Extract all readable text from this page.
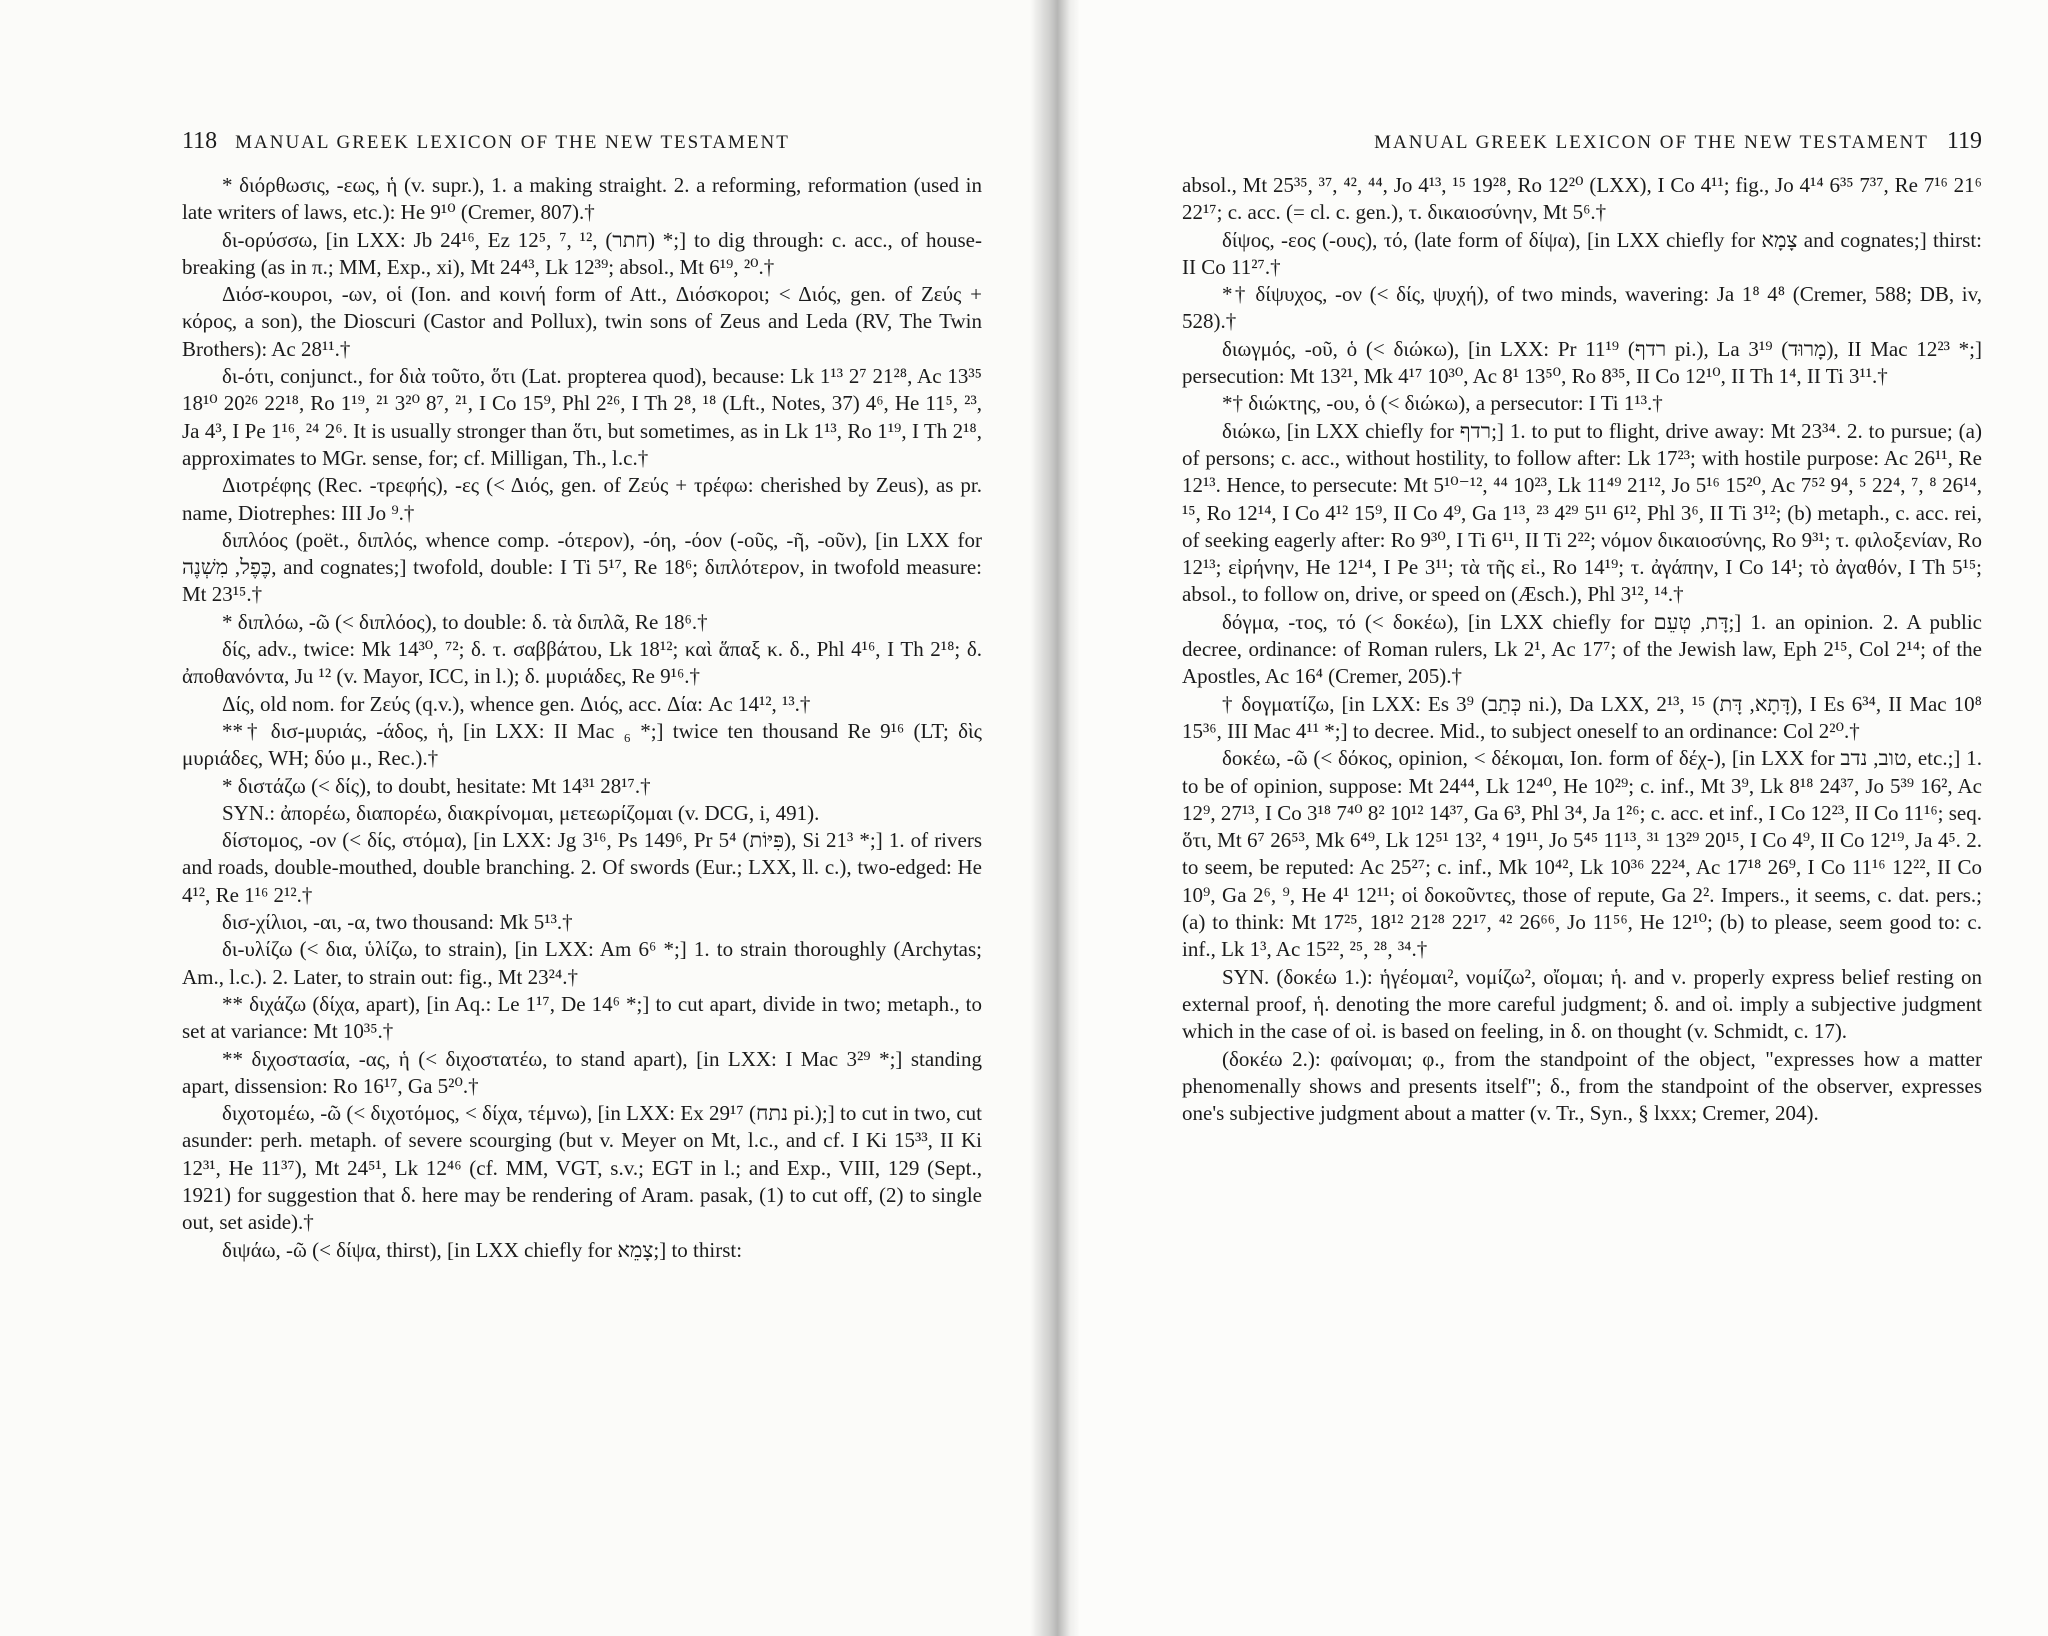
118 MANUAL GREEK LEXICON OF THE NEW TESTAMENT

* διόρθωσις, -εως, ἡ (v. supr.), 1. a making straight. 2. a reforming, reformation (used in late writers of laws, etc.): He 9¹⁰ (Cremer, 807).†

δι-ορύσσω, [in LXX: Jb 24¹⁶, Ez 12⁵, ⁷, ¹², (חתר) *;] to dig through: c. acc., of house-breaking (as in π.; MM, Exp., xi), Mt 24⁴³, Lk 12³⁹; absol., Mt 6¹⁹, ²⁰.†

Διόσ-κουροι, -ων, οἱ (Ion. and κοινή form of Att., Διόσκοροι; < Διός, gen. of Ζεύς + κόρος, a son), the Dioscuri (Castor and Pollux), twin sons of Zeus and Leda (RV, The Twin Brothers): Ac 28¹¹.†

δι-ότι, conjunct., for διὰ τοῦτο, ὅτι (Lat. propterea quod), because: Lk 1¹³ 2⁷ 21²⁸, Ac 13³⁵ 18¹⁰ 20²⁶ 22¹⁸, Ro 1¹⁹, ²¹ 3²⁰ 8⁷, ²¹, I Co 15⁹, Phl 2²⁶, I Th 2⁸, ¹⁸ (Lft., Notes, 37) 4⁶, He 11⁵, ²³, Ja 4³, I Pe 1¹⁶, ²⁴ 2⁶. It is usually stronger than ὅτι, but sometimes, as in Lk 1¹³, Ro 1¹⁹, I Th 2¹⁸, approximates to MGr. sense, for; cf. Milligan, Th., l.c.†

Διοτρέφης (Rec. -τρεφής), -ες (< Διός, gen. of Ζεύς + τρέφω: cherished by Zeus), as pr. name, Diotrephes: III Jo ⁹.†

διπλόος (poët., διπλός, whence comp. -ότερον), -όη, -όον (-οῦς, -ῆ, -οῦν), [in LXX for כֶּפֶל, מִשְׁנֶה, and cognates;] twofold, double: I Ti 5¹⁷, Re 18⁶; διπλότερον, in twofold measure: Mt 23¹⁵.†

* διπλόω, -ῶ (< διπλόος), to double: δ. τὰ διπλᾶ, Re 18⁶.†

δίς, adv., twice: Mk 14³⁰, ⁷²; δ. τ. σαββάτου, Lk 18¹²; καὶ ἅπαξ κ. δ., Phl 4¹⁶, I Th 2¹⁸; δ. ἀποθανόντα, Ju ¹² (v. Mayor, ICC, in l.); δ. μυριάδες, Re 9¹⁶.†

Δίς, old nom. for Ζεύς (q.v.), whence gen. Διός, acc. Δία: Ac 14¹², ¹³.†

**† δισ-μυριάς, -άδος, ἡ, [in LXX: II Mac ₆ *;] twice ten thousand Re 9¹⁶ (LT; δὶς μυριάδες, WH; δύο μ., Rec.).†

* διστάζω (< δίς), to doubt, hesitate: Mt 14³¹ 28¹⁷.†

SYN.: ἀπορέω, διαπορέω, διακρίνομαι, μετεωρίζομαι (v. DCG, i, 491).

δίστομος, -ον (< δίς, στόμα), [in LXX: Jg 3¹⁶, Ps 149⁶, Pr 5⁴ (פִּיּוֹת), Si 21³ *;] 1. of rivers and roads, double-mouthed, double branching. 2. Of swords (Eur.; LXX, ll. c.), two-edged: He 4¹², Re 1¹⁶ 2¹².†

δισ-χίλιοι, -αι, -α, two thousand: Mk 5¹³.†

δι-υλίζω (< δια, ὑλίζω, to strain), [in LXX: Am 6⁶ *;] 1. to strain thoroughly (Archytas; Am., l.c.). 2. Later, to strain out: fig., Mt 23²⁴.†

** διχάζω (δίχα, apart), [in Aq.: Le 1¹⁷, De 14⁶ *;] to cut apart, divide in two; metaph., to set at variance: Mt 10³⁵.†

** διχοστασία, -ας, ἡ (< διχοστατέω, to stand apart), [in LXX: I Mac 3²⁹ *;] standing apart, dissension: Ro 16¹⁷, Ga 5²⁰.†

διχοτομέω, -ῶ (< διχοτόμος, < δίχα, τέμνω), [in LXX: Ex 29¹⁷ (נתח pi.);] to cut in two, cut asunder: perh. metaph. of severe scourging (but v. Meyer on Mt, l.c., and cf. I Ki 15³³, II Ki 12³¹, He 11³⁷), Mt 24⁵¹, Lk 12⁴⁶ (cf. MM, VGT, s.v.; EGT in l.; and Exp., VIII, 129 (Sept., 1921) for suggestion that δ. here may be rendering of Aram. pasak, (1) to cut off, (2) to single out, set aside).†

διψάω, -ῶ (< δίψα, thirst), [in LXX chiefly for צָמֵא;] to thirst:

MANUAL GREEK LEXICON OF THE NEW TESTAMENT 119

absol., Mt 25³⁵, ³⁷, ⁴², ⁴⁴, Jo 4¹³, ¹⁵ 19²⁸, Ro 12²⁰ (LXX), I Co 4¹¹; fig., Jo 4¹⁴ 6³⁵ 7³⁷, Re 7¹⁶ 21⁶ 22¹⁷; c. acc. (= cl. c. gen.), τ. δικαιοσύνην, Mt 5⁶.†

δίψος, -εος (-ους), τό, (late form of δίψα), [in LXX chiefly for צָמָא and cognates;] thirst: II Co 11²⁷.†

*† δίψυχος, -ον (< δίς, ψυχή), of two minds, wavering: Ja 1⁸ 4⁸ (Cremer, 588; DB, iv, 528).†

διωγμός, -οῦ, ὁ (< διώκω), [in LXX: Pr 11¹⁹ (רדף pi.), La 3¹⁹ (מָרוּד), II Mac 12²³ *;] persecution: Mt 13²¹, Mk 4¹⁷ 10³⁰, Ac 8¹ 13⁵⁰, Ro 8³⁵, II Co 12¹⁰, II Th 1⁴, II Ti 3¹¹.†

*† διώκτης, -ου, ὁ (< διώκω), a persecutor: I Ti 1¹³.†

διώκω, [in LXX chiefly for רדף;] 1. to put to flight, drive away: Mt 23³⁴. 2. to pursue; (a) of persons; c. acc., without hostility, to follow after: Lk 17²³; with hostile purpose: Ac 26¹¹, Re 12¹³. Hence, to persecute: Mt 5¹⁰⁻¹², ⁴⁴ 10²³, Lk 11⁴⁹ 21¹², Jo 5¹⁶ 15²⁰, Ac 7⁵² 9⁴, ⁵ 22⁴, ⁷, ⁸ 26¹⁴, ¹⁵, Ro 12¹⁴, I Co 4¹² 15⁹, II Co 4⁹, Ga 1¹³, ²³ 4²⁹ 5¹¹ 6¹², Phl 3⁶, II Ti 3¹²; (b) metaph., c. acc. rei, of seeking eagerly after: Ro 9³⁰, I Ti 6¹¹, II Ti 2²²; νόμον δικαιοσύνης, Ro 9³¹; τ. φιλοξενίαν, Ro 12¹³; εἰρήνην, He 12¹⁴, I Pe 3¹¹; τὰ τῆς εἰ., Ro 14¹⁹; τ. ἀγάπην, I Co 14¹; τὸ ἀγαθόν, I Th 5¹⁵; absol., to follow on, drive, or speed on (Æsch.), Phl 3¹², ¹⁴.†

δόγμα, -τος, τό (< δοκέω), [in LXX chiefly for דָּת, טְעֵם;] 1. an opinion. 2. A public decree, ordinance: of Roman rulers, Lk 2¹, Ac 17⁷; of the Jewish law, Eph 2¹⁵, Col 2¹⁴; of the Apostles, Ac 16⁴ (Cremer, 205).†

† δογματίζω, [in LXX: Es 3⁹ (כְּתַב ni.), Da LXX, 2¹³, ¹⁵ (דָּתָא, דָּת), I Es 6³⁴, II Mac 10⁸ 15³⁶, III Mac 4¹¹ *;] to decree. Mid., to subject oneself to an ordinance: Col 2²⁰.†

δοκέω, -ῶ (< δόκος, opinion, < δέκομαι, Ion. form of δέχ-), [in LXX for טוב, נדב, etc.;] 1. to be of opinion, suppose: Mt 24⁴⁴, Lk 12⁴⁰, He 10²⁹; c. inf., Mt 3⁹, Lk 8¹⁸ 24³⁷, Jo 5³⁹ 16², Ac 12⁹, 27¹³, I Co 3¹⁸ 7⁴⁰ 8² 10¹² 14³⁷, Ga 6³, Phl 3⁴, Ja 1²⁶; c. acc. et inf., I Co 12²³, II Co 11¹⁶; seq. ὅτι, Mt 6⁷ 26⁵³, Mk 6⁴⁹, Lk 12⁵¹ 13², ⁴ 19¹¹, Jo 5⁴⁵ 11¹³, ³¹ 13²⁹ 20¹⁵, I Co 4⁹, II Co 12¹⁹, Ja 4⁵. 2. to seem, be reputed: Ac 25²⁷; c. inf., Mk 10⁴², Lk 10³⁶ 22²⁴, Ac 17¹⁸ 26⁹, I Co 11¹⁶ 12²², II Co 10⁹, Ga 2⁶, ⁹, He 4¹ 12¹¹; οἱ δοκοῦντες, those of repute, Ga 2². Impers., it seems, c. dat. pers.; (a) to think: Mt 17²⁵, 18¹² 21²⁸ 22¹⁷, ⁴² 26⁶⁶, Jo 11⁵⁶, He 12¹⁰; (b) to please, seem good to: c. inf., Lk 1³, Ac 15²², ²⁵, ²⁸, ³⁴.†

SYN. (δοκέω 1.): ἡγέομαι², νομίζω², οἴομαι; ἡ. and ν. properly express belief resting on external proof, ἡ. denoting the more careful judgment; δ. and οἰ. imply a subjective judgment which in the case of οἰ. is based on feeling, in δ. on thought (v. Schmidt, c. 17).

(δοκέω 2.): φαίνομαι; φ., from the standpoint of the object, "expresses how a matter phenomenally shows and presents itself"; δ., from the standpoint of the observer, expresses one's subjective judgment about a matter (v. Tr., Syn., § lxxx; Cremer, 204).
